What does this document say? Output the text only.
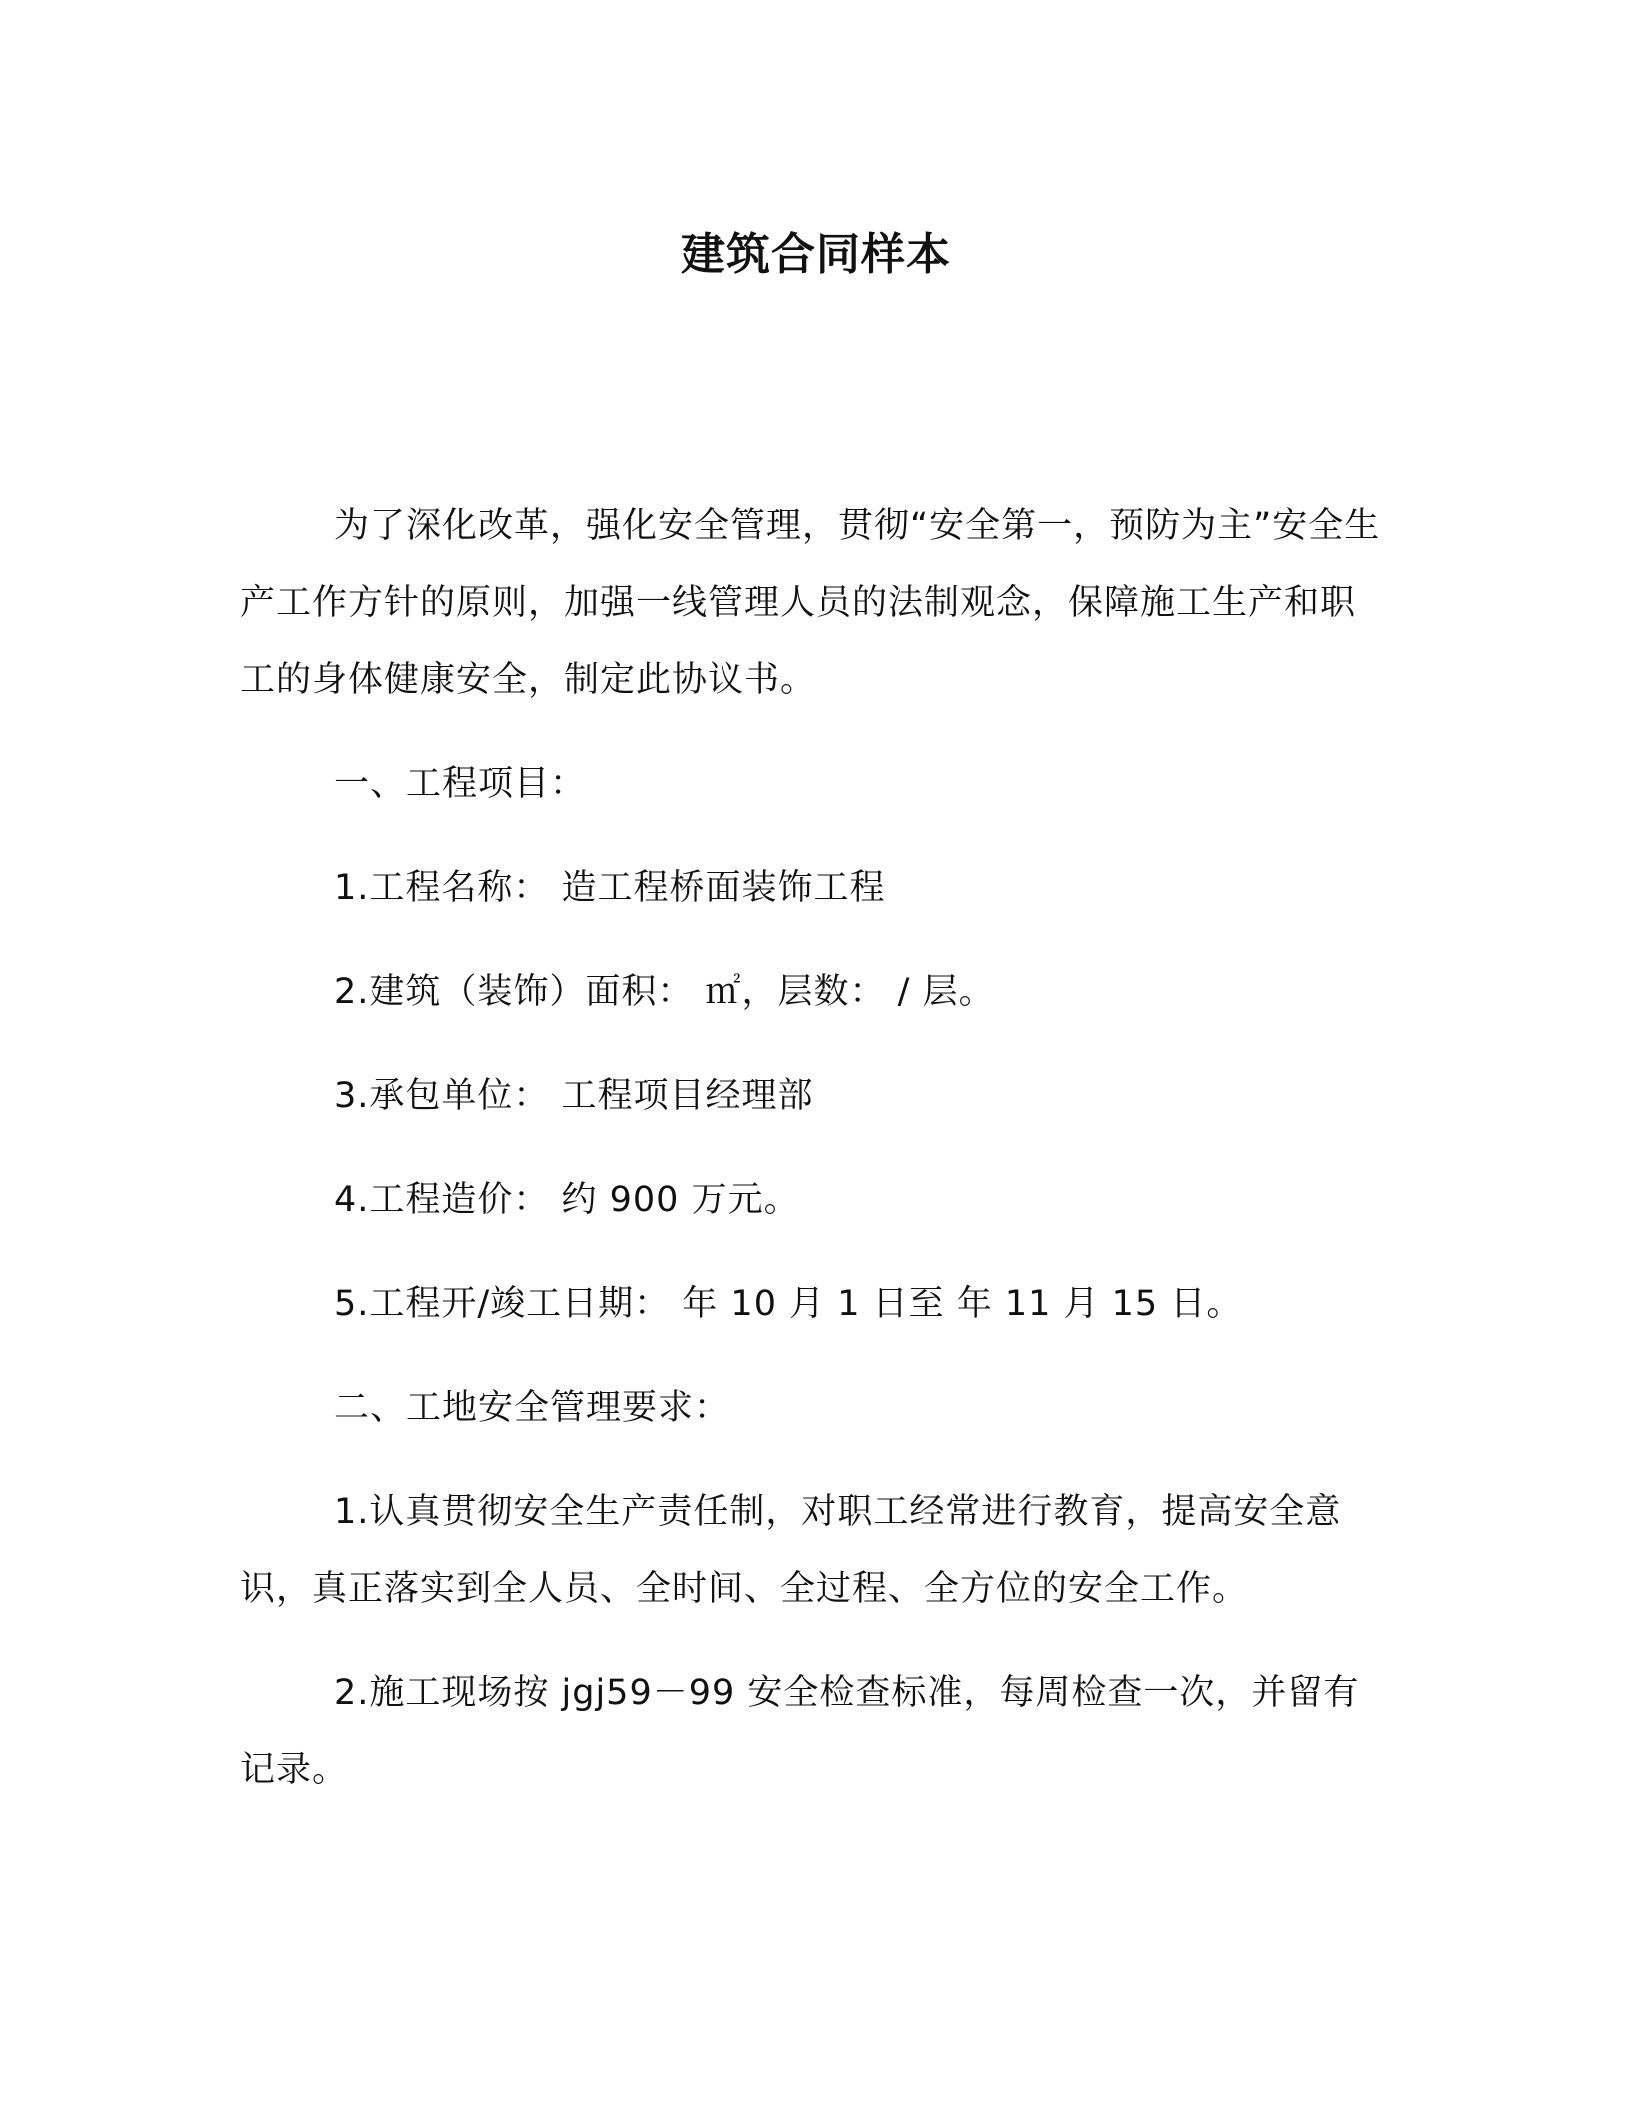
建筑合同样本

为了深化改革，强化安全管理，贯彻“安全第一，预防为主”安全生产工作方针的原则，加强一线管理人员的法制观念，保障施工生产和职工的身体健康安全，制定此协议书。

一、工程项目：

1.工程名称： 造工程桥面装饰工程

2.建筑（装饰）面积： ㎡，层数： / 层。

3.承包单位： 工程项目经理部

4.工程造价： 约 900 万元。

5.工程开/竣工日期： 年 10 月 1 日至 年 11 月 15 日。

二、工地安全管理要求：

1.认真贯彻安全生产责任制，对职工经常进行教育，提高安全意识，真正落实到全人员、全时间、全过程、全方位的安全工作。

2.施工现场按 jgj59－99 安全检查标准，每周检查一次，并留有记录。
